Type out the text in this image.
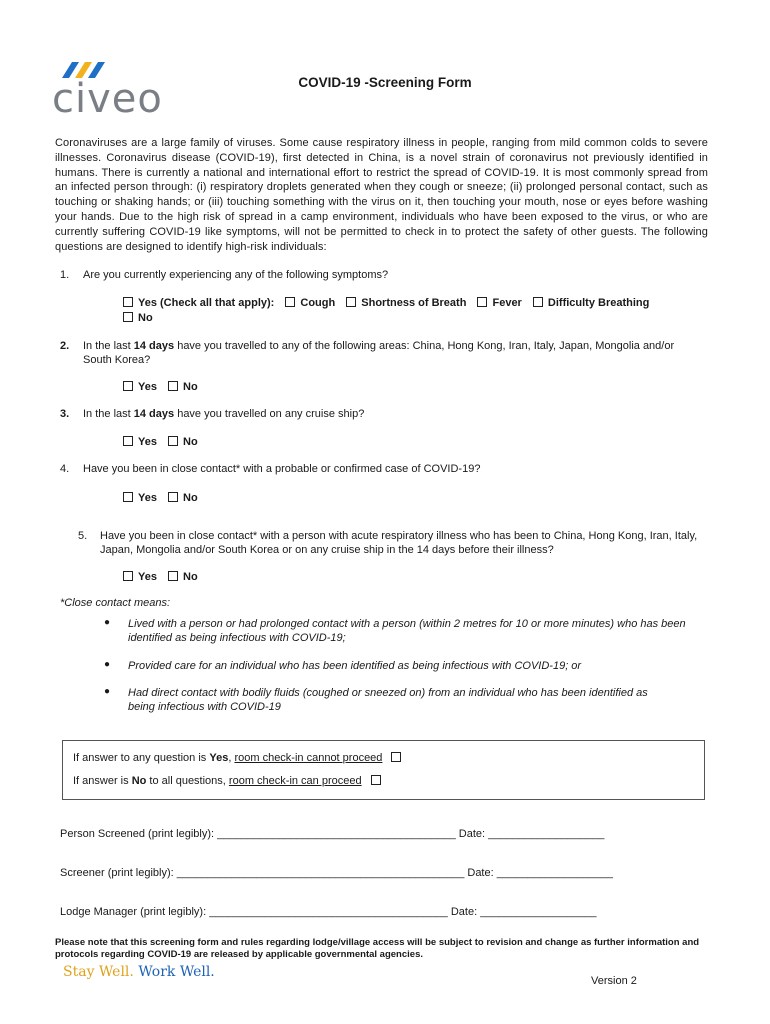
civeo	COVID-19 -Screening Form
Coronaviruses are a large family of viruses. Some cause respiratory illness in people, ranging from mild common colds to severe illnesses. Coronavirus disease (COVID-19), first detected in China, is a novel strain of coronavirus not previously identified in humans. There is currently a national and international effort to restrict the spread of COVID-19. It is most commonly spread from an infected person through: (i) respiratory droplets generated when they cough or sneeze; (ii) prolonged personal contact, such as touching or shaking hands; or (iii) touching something with the virus on it, then touching your mouth, nose or eyes before washing your hands. Due to the high risk of spread in a camp environment, individuals who have been exposed to the virus, or who are currently suffering COVID-19 like symptoms, will not be permitted to check in to protect the safety of other guests. The following questions are designed to identify high-risk individuals:
1. Are you currently experiencing any of the following symptoms?
Yes (Check all that apply): Cough Shortness of Breath Fever Difficulty Breathing
No
2. In the last 14 days have you travelled to any of the following areas: China, Hong Kong, Iran, Italy, Japan, Mongolia and/or South Korea?
Yes No
3. In the last 14 days have you travelled on any cruise ship?
Yes No
4. Have you been in close contact* with a probable or confirmed case of COVID-19?
Yes No
5. Have you been in close contact* with a person with acute respiratory illness who has been to China, Hong Kong, Iran, Italy, Japan, Mongolia and/or South Korea or on any cruise ship in the 14 days before their illness?
Yes No
*Close contact means:
● Lived with a person or had prolonged contact with a person (within 2 metres for 10 or more minutes) who has been identified as being infectious with COVID-19;
● Provided care for an individual who has been identified as being infectious with COVID-19; or
● Had direct contact with bodily fluids (coughed or sneezed on) from an individual who has been identified as being infectious with COVID-19
If answer to any question is Yes, room check-in cannot proceed
If answer is No to all questions, room check-in can proceed
Person Screened (print legibly): _______________________________________ Date: ___________________
Screener (print legibly): _______________________________________________ Date: ___________________
Lodge Manager (print legibly): _______________________________________ Date: ___________________
Please note that this screening form and rules regarding lodge/village access will be subject to revision and change as further information and protocols regarding COVID-19 are released by applicable governmental agencies.
Stay Well. Work Well.
Version 2
